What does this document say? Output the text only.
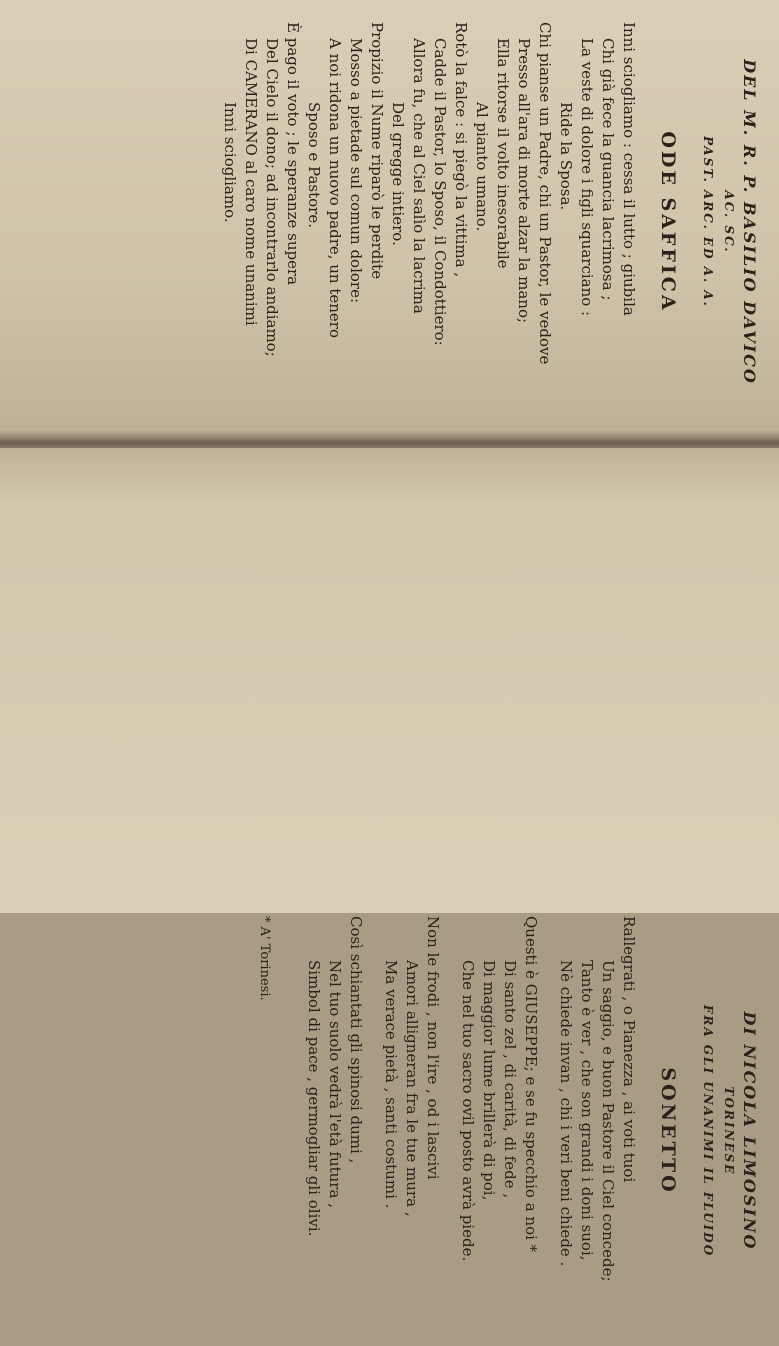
DEL M. R. P. BASILIO DAVICO
AC. SC.
PAST. ARC. ED A. A.
ODE SAFFICA
Inni sciogliamo : cessa il lutto ; giubila
Chi già fece la guancia lacrimosa ;
La veste di dolore i figli squarciano :
Ride la Sposa.
Chi pianse un Padre, chi un Pastor, le vedove
Presso all'ara di morte alzar la mano;
Ella ritorse il volto inesorabile
Al pianto umano.
Rotò la falce : si piegò la vittima ,
Cadde il Pastor, lo Sposo, il Condottiero:
Allora fu, che al Ciel salìo la lacrima
Del gregge intiero.
Propizio il Nume riparò le perdite
Mosso a pietade sul comun dolore:
A noi ridona un nuovo padre, un tenero
Sposo e Pastore.
È pago il voto ; le speranze supera
Del Cielo il dono; ad incontrarlo andiamo;
Di CAMERANO al caro nome unanimi
Inni sciogliamo.
DI NICOLA LIMOSINO
TORINESE
FRA GLI UNANIMI IL FLUIDO
SONETTO
Rallegrati , o Pianezza , ai voti tuoi
Un saggio, e buon Pastore il Ciel concede;
Tanto è ver , che son grandi i doni suoi,
Nè chiede invan , chi i veri beni chiede .
Questi è GIUSEPPE; e se fu specchio a noi *
Di santo zel , di carità, di fede ,
Di maggior lume brillerà di poi,
Che nel tuo sacro ovil posto avrà piede.
Non le frodi , non l'ire , od i lascivi
Amori alligneran fra le tue mura ,
Ma verace pietà , santi costumi .
Così schiantati gli spinosi dumi ,
Nel tuo suolo vedrà l'età futura ,
Simbol di pace , germogliar gli olivi.
* A' Torinesi.
